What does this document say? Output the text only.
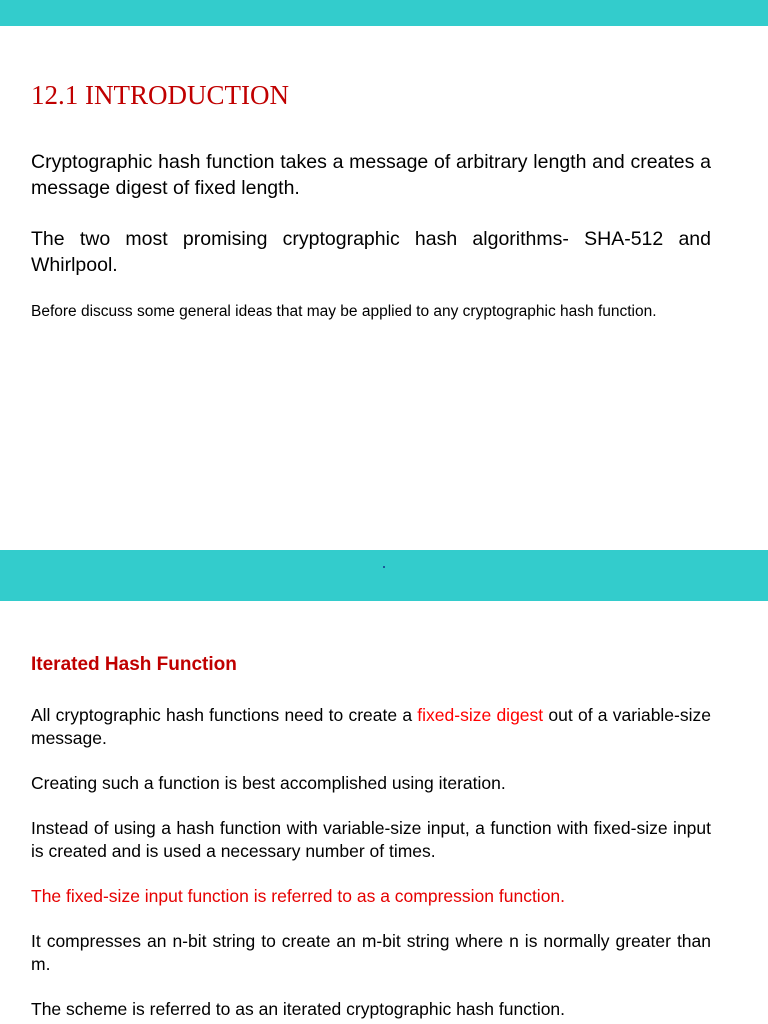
12.1 INTRODUCTION

Cryptographic hash function takes a message of arbitrary length and creates a message digest of fixed length.

The two most promising cryptographic hash algorithms- SHA-512 and Whirlpool.

Before discuss some general ideas that may be applied to any cryptographic hash function.

Iterated Hash Function

All cryptographic hash functions need to create a fixed-size digest out of a variable-size message.

Creating such a function is best accomplished using iteration.

Instead of using a hash function with variable-size input, a function with fixed-size input is created and is used a necessary number of times.

The fixed-size input function is referred to as a compression function.

It compresses an n-bit string to create an m-bit string where n is normally greater than m.

The scheme is referred to as an iterated cryptographic hash function.
